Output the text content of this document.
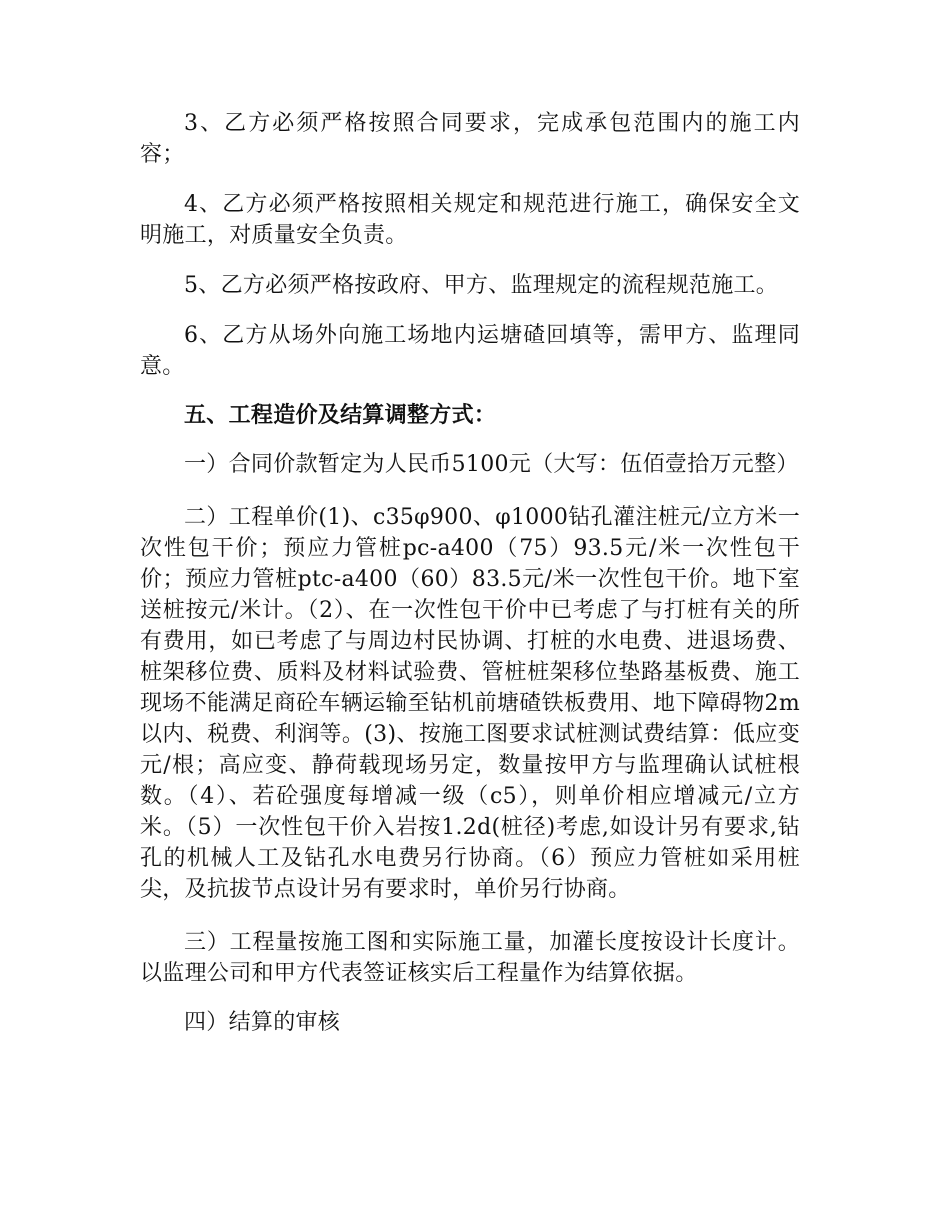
3、乙方必须严格按照合同要求，完成承包范围内的施工内容；

4、乙方必须严格按照相关规定和规范进行施工，确保安全文明施工，对质量安全负责。

5、乙方必须严格按政府、甲方、监理规定的流程规范施工。

6、乙方从场外向施工场地内运塘碴回填等，需甲方、监理同意。

五、工程造价及结算调整方式：

一）合同价款暂定为人民币5100元（大写：伍佰壹拾万元整）

二）工程单价(1)、c35φ900、φ1000钻孔灌注桩元/立方米一次性包干价；预应力管桩pc-a400（75）93.5元/米一次性包干价；预应力管桩ptc-a400（60）83.5元/米一次性包干价。地下室送桩按元/米计。（2）、在一次性包干价中已考虑了与打桩有关的所有费用，如已考虑了与周边村民协调、打桩的水电费、进退场费、桩架移位费、质料及材料试验费、管桩桩架移位垫路基板费、施工现场不能满足商砼车辆运输至钻机前塘碴铁板费用、地下障碍物2m以内、税费、利润等。(3)、按施工图要求试桩测试费结算：低应变元/根；高应变、静荷载现场另定，数量按甲方与监理确认试桩根数。（4）、若砼强度每增减一级（c5），则单价相应增减元/立方米。（5）一次性包干价入岩按1.2d(桩径)考虑,如设计另有要求,钻孔的机械人工及钻孔水电费另行协商。（6）预应力管桩如采用桩尖，及抗拔节点设计另有要求时，单价另行协商。

三）工程量按施工图和实际施工量，加灌长度按设计长度计。以监理公司和甲方代表签证核实后工程量作为结算依据。

四）结算的审核
